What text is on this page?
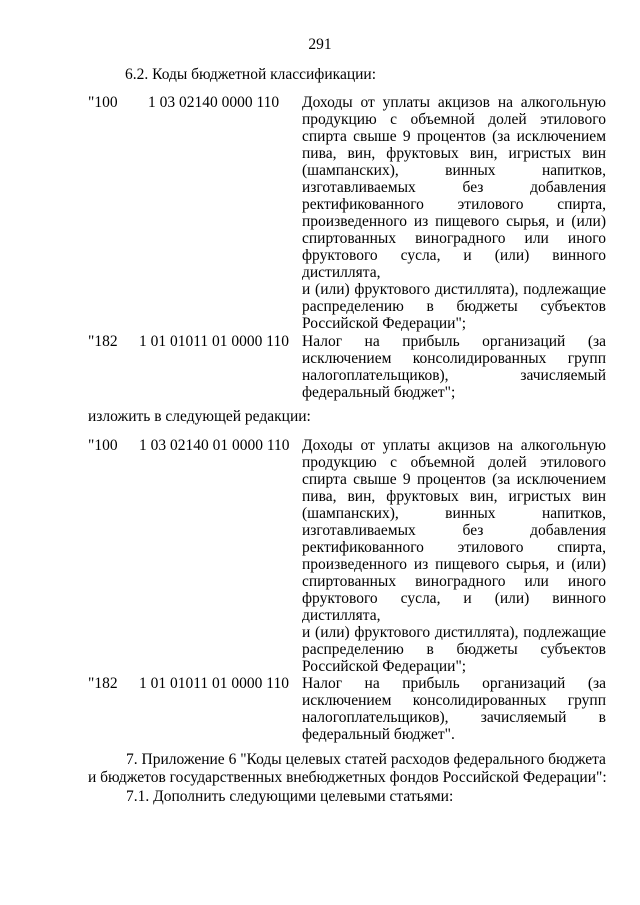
291
6.2. Коды бюджетной классификации:
"100 1 03 02140 0000 110 Доходы от уплаты акцизов на алкогольную
продукцию с объемной долей этилового
спирта свыше 9 процентов (за исключением
пива, вин, фруктовых вин, игристых вин
(шампанских), винных напитков,
изготавливаемых без добавления
ректификованного этилового спирта,
произведенного из пищевого сырья, и (или)
спиртованных виноградного или иного
фруктового сусла, и (или) винного дистиллята,
и (или) фруктового дистиллята), подлежащие
распределению в бюджеты субъектов
Российской Федерации";
"182 1 01 01011 01 0000 110 Налог на прибыль организаций (за
исключением консолидированных групп
налогоплательщиков), зачисляемый
федеральный бюджет";
изложить в следующей редакции:
"100 1 03 02140 01 0000 110 Доходы от уплаты акцизов на алкогольную
продукцию с объемной долей этилового
спирта свыше 9 процентов (за исключением
пива, вин, фруктовых вин, игристых вин
(шампанских), винных напитков,
изготавливаемых без добавления
ректификованного этилового спирта,
произведенного из пищевого сырья, и (или)
спиртованных виноградного или иного
фруктового сусла, и (или) винного дистиллята,
и (или) фруктового дистиллята), подлежащие
распределению в бюджеты субъектов
Российской Федерации";
"182 1 01 01011 01 0000 110 Налог на прибыль организаций (за
исключением консолидированных групп
налогоплательщиков), зачисляемый в
федеральный бюджет".
7. Приложение 6 "Коды целевых статей расходов федерального бюджета
и бюджетов государственных внебюджетных фондов Российской Федерации":
7.1. Дополнить следующими целевыми статьями:
